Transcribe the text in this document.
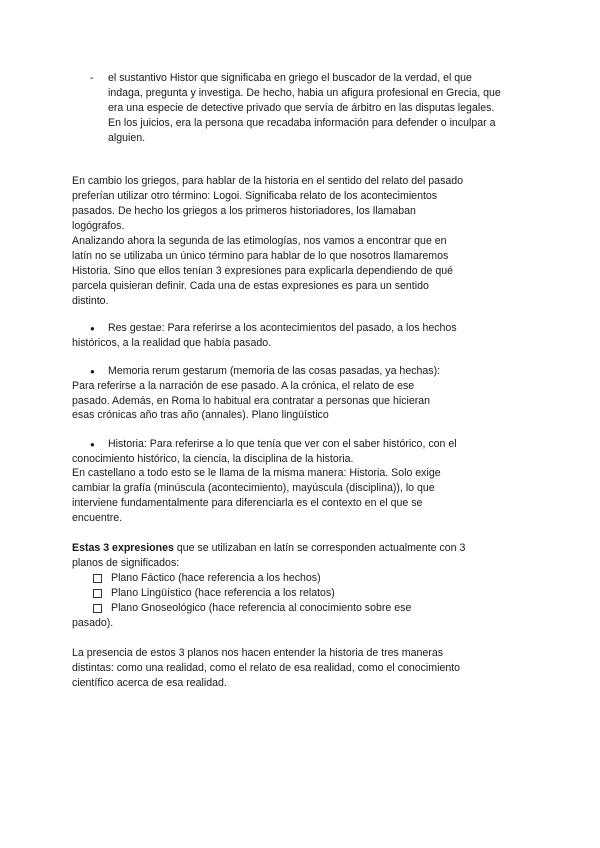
- el sustantivo Histor que significaba en griego el buscador de la verdad, el que
indaga, pregunta y investiga. De hecho, habia un afigura profesional en Grecia, que
era una especie de detective privado que servía de árbitro en las disputas legales.
En los juicios, era la persona que recadaba información para defender o inculpar a
alguien.
En cambio los griegos, para hablar de la historia en el sentido del relato del pasado
preferían utilizar otro término: Logoi. Significaba relato de los acontecimientos
pasados. De hecho los griegos a los primeros historiadores, los llamaban
logógrafos.
Analizando ahora la segunda de las etimologías, nos vamos a encontrar que en
latín no se utilizaba un único término para hablar de lo que nosotros llamaremos
Historia. Sino que ellos tenían 3 expresiones para explicarla dependiendo de qué
parcela quisieran definir. Cada una de estas expresiones es para un sentido
distinto.
● Res gestae: Para referirse a los acontecimientos del pasado, a los hechos
históricos, a la realidad que había pasado.
● Memoria rerum gestarum (memoria de las cosas pasadas, ya hechas):
Para referirse a la narración de ese pasado. A la crónica, el relato de ese
pasado. Además, en Roma lo habitual era contratar a personas que hicieran
esas crónicas año tras año (annales). Plano lingüístico
● Historia: Para referirse a lo que tenía que ver con el saber histórico, con el
conocimiento histórico, la ciencia, la disciplina de la historia.
En castellano a todo esto se le llama de la misma manera: Historia. Solo exige
cambiar la grafía (minúscula (acontecimiento), mayúscula (disciplina)), lo que
interviene fundamentalmente para diferenciarla es el contexto en el que se
encuentre.
Estas 3 expresiones que se utilizaban en latín se corresponden actualmente con 3
planos de significados:
Plano Fáctico (hace referencia a los hechos)
Plano Lingüístico (hace referencia a los relatos)
Plano Gnoseológico (hace referencia al conocimiento sobre ese
pasado).
La presencia de estos 3 planos nos hacen entender la historia de tres maneras
distintas: como una realidad, como el relato de esa realidad, como el conocimiento
científico acerca de esa realidad.
